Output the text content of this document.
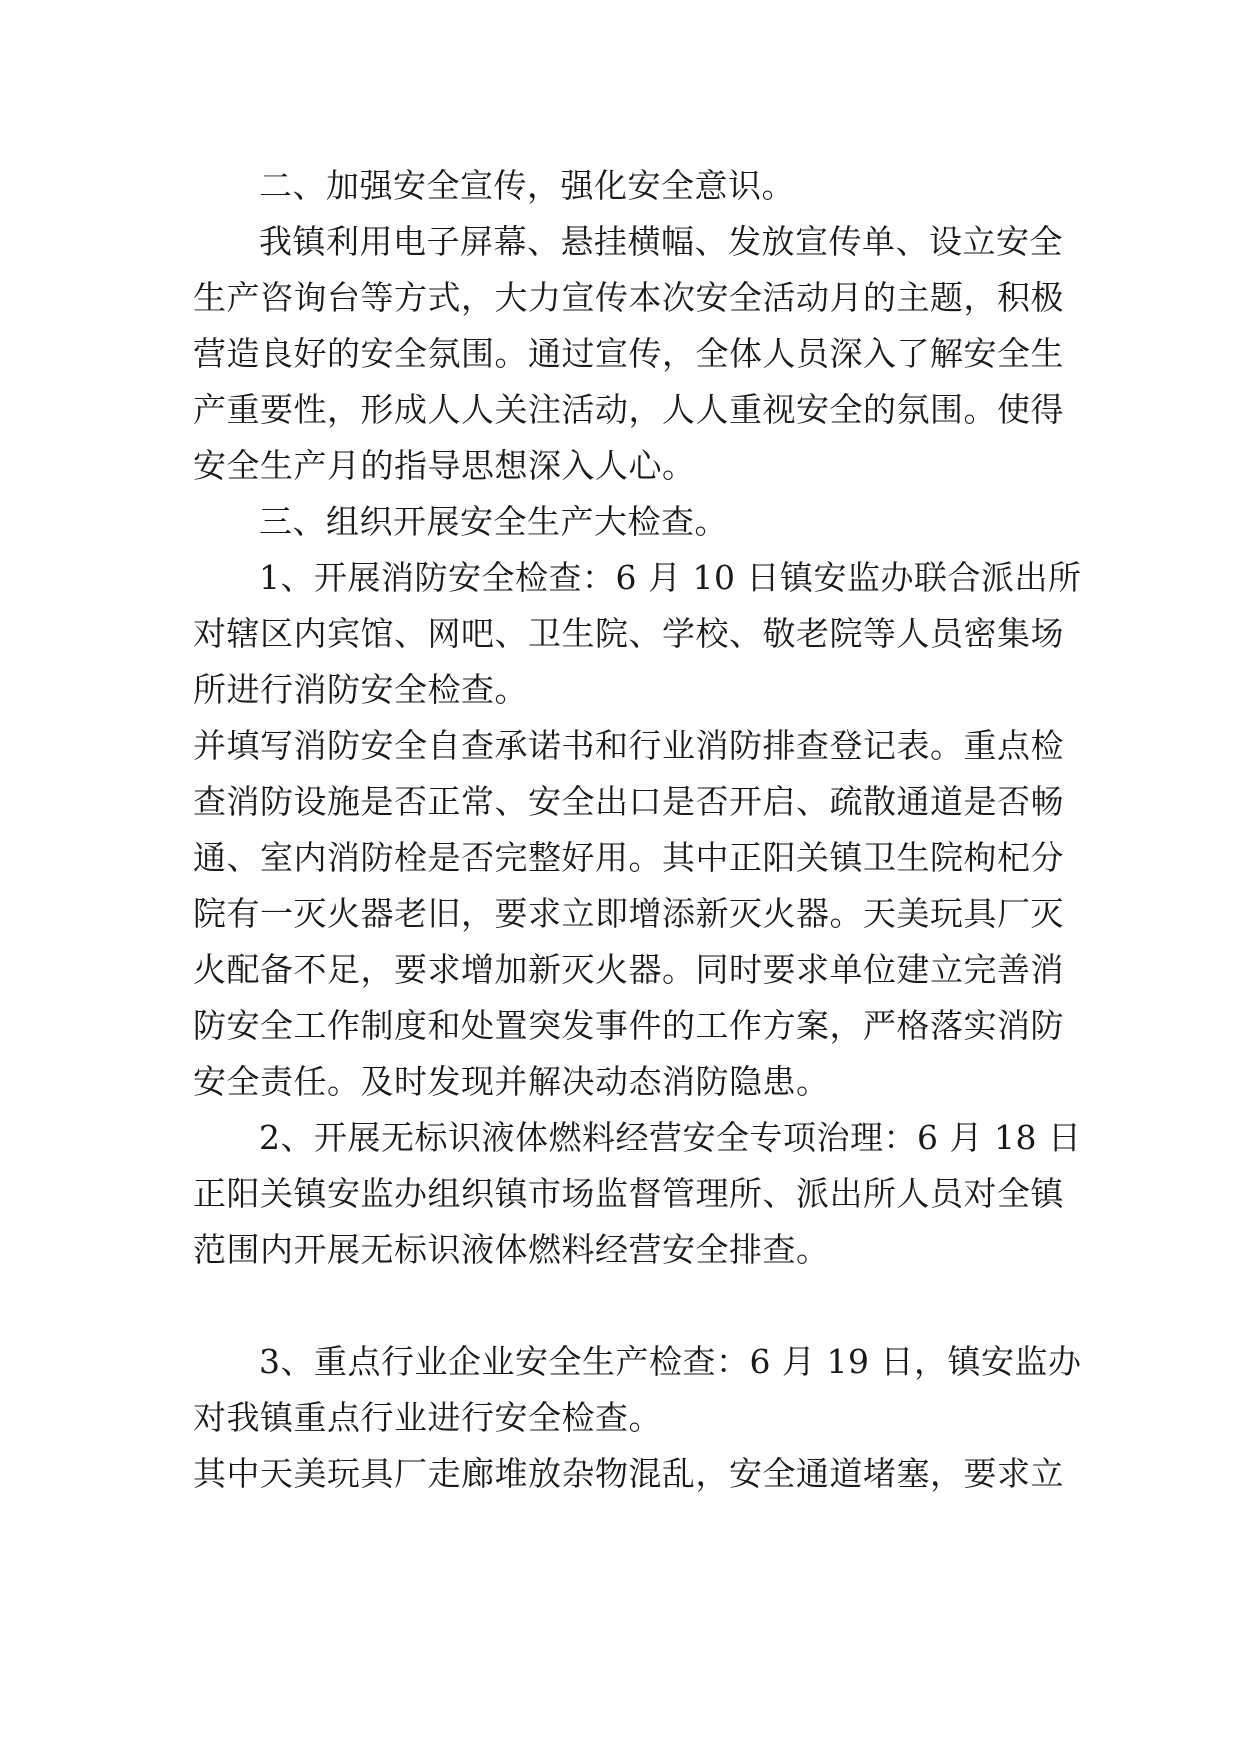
二、加强安全宣传，强化安全意识。
我镇利用电子屏幕、悬挂横幅、发放宣传单、设立安全
生产咨询台等方式，大力宣传本次安全活动月的主题，积极
营造良好的安全氛围。通过宣传，全体人员深入了解安全生
产重要性，形成人人关注活动，人人重视安全的氛围。使得
安全生产月的指导思想深入人心。
三、组织开展安全生产大检查。
1、开展消防安全检查：6 月 10 日镇安监办联合派出所
对辖区内宾馆、网吧、卫生院、学校、敬老院等人员密集场
所进行消防安全检查。
并填写消防安全自查承诺书和行业消防排查登记表。重点检
查消防设施是否正常、安全出口是否开启、疏散通道是否畅
通、室内消防栓是否完整好用。其中正阳关镇卫生院枸杞分
院有一灭火器老旧，要求立即增添新灭火器。天美玩具厂灭
火配备不足，要求增加新灭火器。同时要求单位建立完善消
防安全工作制度和处置突发事件的工作方案，严格落实消防
安全责任。及时发现并解决动态消防隐患。
2、开展无标识液体燃料经营安全专项治理：6 月 18 日
正阳关镇安监办组织镇市场监督管理所、派出所人员对全镇
范围内开展无标识液体燃料经营安全排查。
3、重点行业企业安全生产检查：6 月 19 日，镇安监办
对我镇重点行业进行安全检查。
其中天美玩具厂走廊堆放杂物混乱，安全通道堵塞，要求立
